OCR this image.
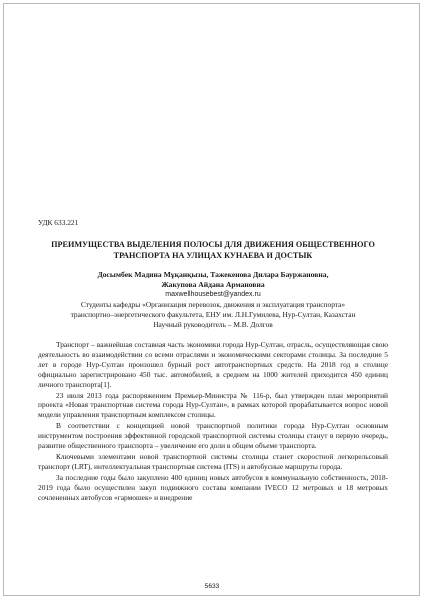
УДК 633.221

ПРЕИМУЩЕСТВА ВЫДЕЛЕНИЯ ПОЛОСЫ ДЛЯ ДВИЖЕНИЯ ОБЩЕСТВЕННОГО
ТРАНСПОРТА НА УЛИЦАХ КУНАЕВА И ДОСТЫК
Досымбек Мадина Мұқанқызы, Тажекенова Дилара Бауржановна,
Жакупова Айдана Армановна
maxwellhousebest@yandex.ru
Студенты кафедры «Организация перевозок, движения и эксплуатация транспорта»
транспортно–энергетического факультета, ЕНУ им. Л.Н.Гумилева, Нур-Султан, Казахстан
Научный руководитель – М.В. Долгов

Транспорт – важнейшая составная часть экономики города Нур-Султан, отрасль, осуществляющая свою деятельность во взаимодействии со всеми отраслями и экономическими секторами столицы. За последние 5 лет в городе Нур-Султан произошел бурный рост автотранспортных средств. На 2018 год в столице официально зарегистрировано 450 тыс. автомобилей, в среднем на 1000 жителей приходится 450 единиц личного транспорта[1].

23 июля 2013 года распоряжением Премьер-Министра № 116-р, был утвержден план мероприятий проекта «Новая транспортная система города Нур-Султан», в рамках которой прорабатывается вопрос новой модели управления транспортным комплексом столицы.

В соответствии с концепцией новой транспортной политики города Нур-Султан основным инструментом построения эффективной городской транспортной системы столицы станут в первую очередь, развитие общественного транспорта – увеличение его доли в общем объеме транспорта.

Ключевыми элементами новой транспортной системы столицы станет скоростной легкорельсовый транспорт (LRT), интеллектуальная транспортная система (ITS) и автобусные маршруты города.

За последние годы было закуплено 400 единиц новых автобусов в коммунальную собственность, 2018-2019 года было осуществлен закуп подвижного состава компании IVECO 12 метровых и 18 метровых сочлененных автобусов «гармошек» и внедрение

5633
